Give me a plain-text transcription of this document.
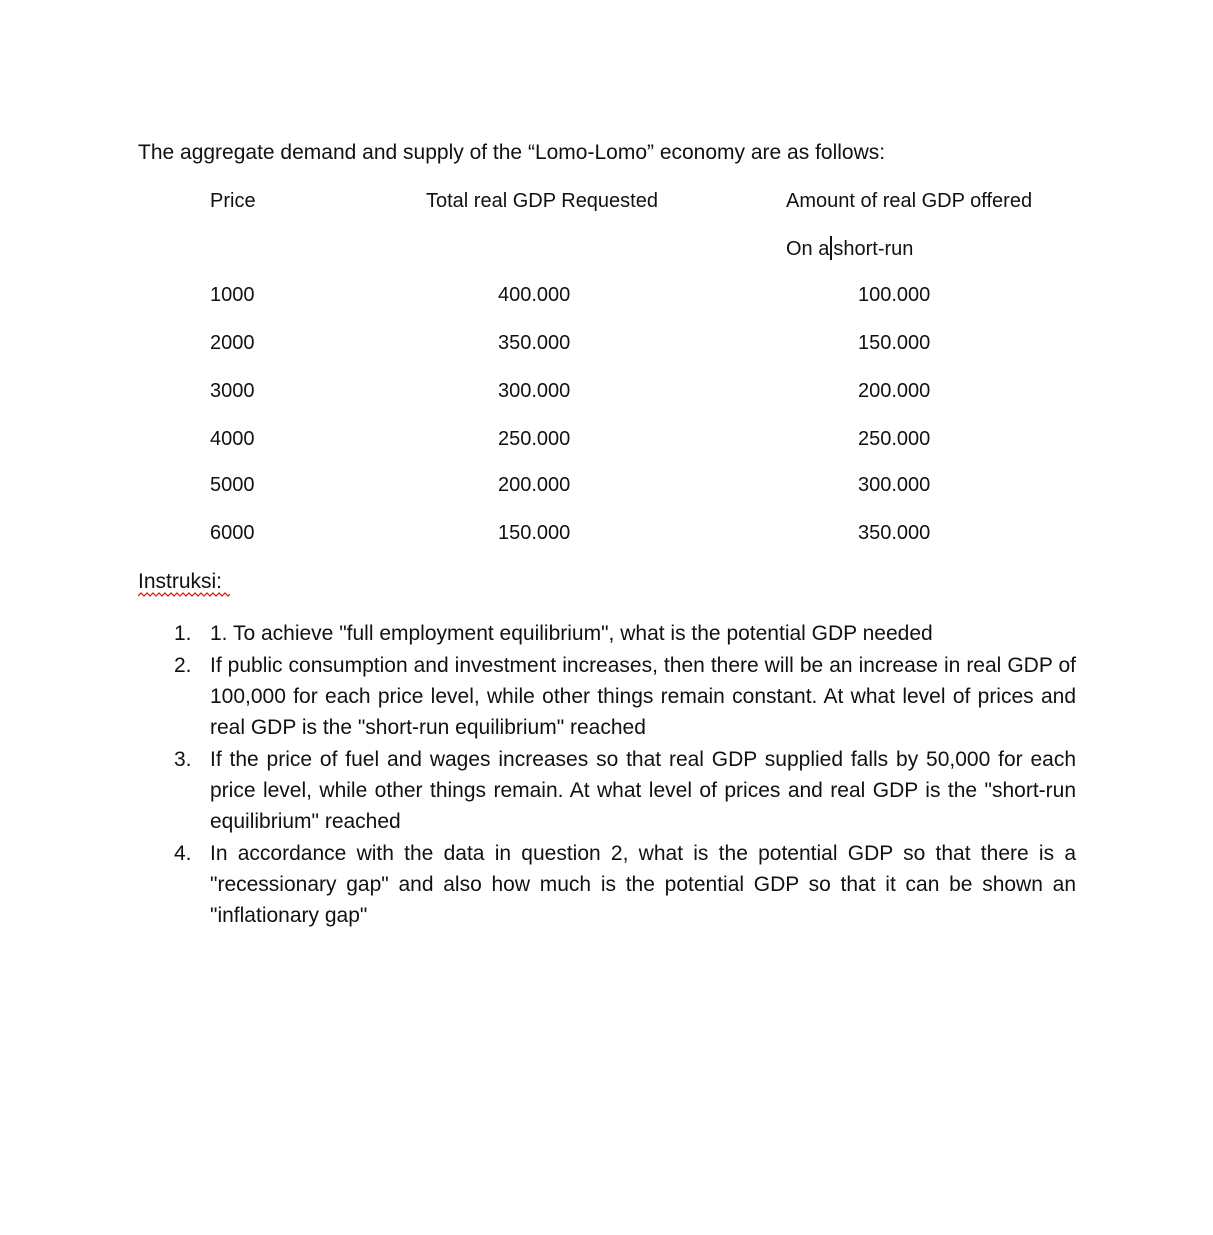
The aggregate demand and supply of the “Lomo-Lomo” economy are as follows:
Price	Total real GDP Requested	Amount of real GDP offered
On a short-run
1000	400.000	100.000
2000	350.000	150.000
3000	300.000	200.000
4000	250.000	250.000
5000	200.000	300.000
6000	150.000	350.000
Instruksi:
1. 1. To achieve "full employment equilibrium", what is the potential GDP needed
2. If public consumption and investment increases, then there will be an increase in real GDP of 100,000 for each price level, while other things remain constant. At what level of prices and real GDP is the "short-run equilibrium" reached
3. If the price of fuel and wages increases so that real GDP supplied falls by 50,000 for each price level, while other things remain. At what level of prices and real GDP is the "short-run equilibrium" reached
4. In accordance with the data in question 2, what is the potential GDP so that there is a "recessionary gap" and also how much is the potential GDP so that it can be shown an "inflationary gap"
